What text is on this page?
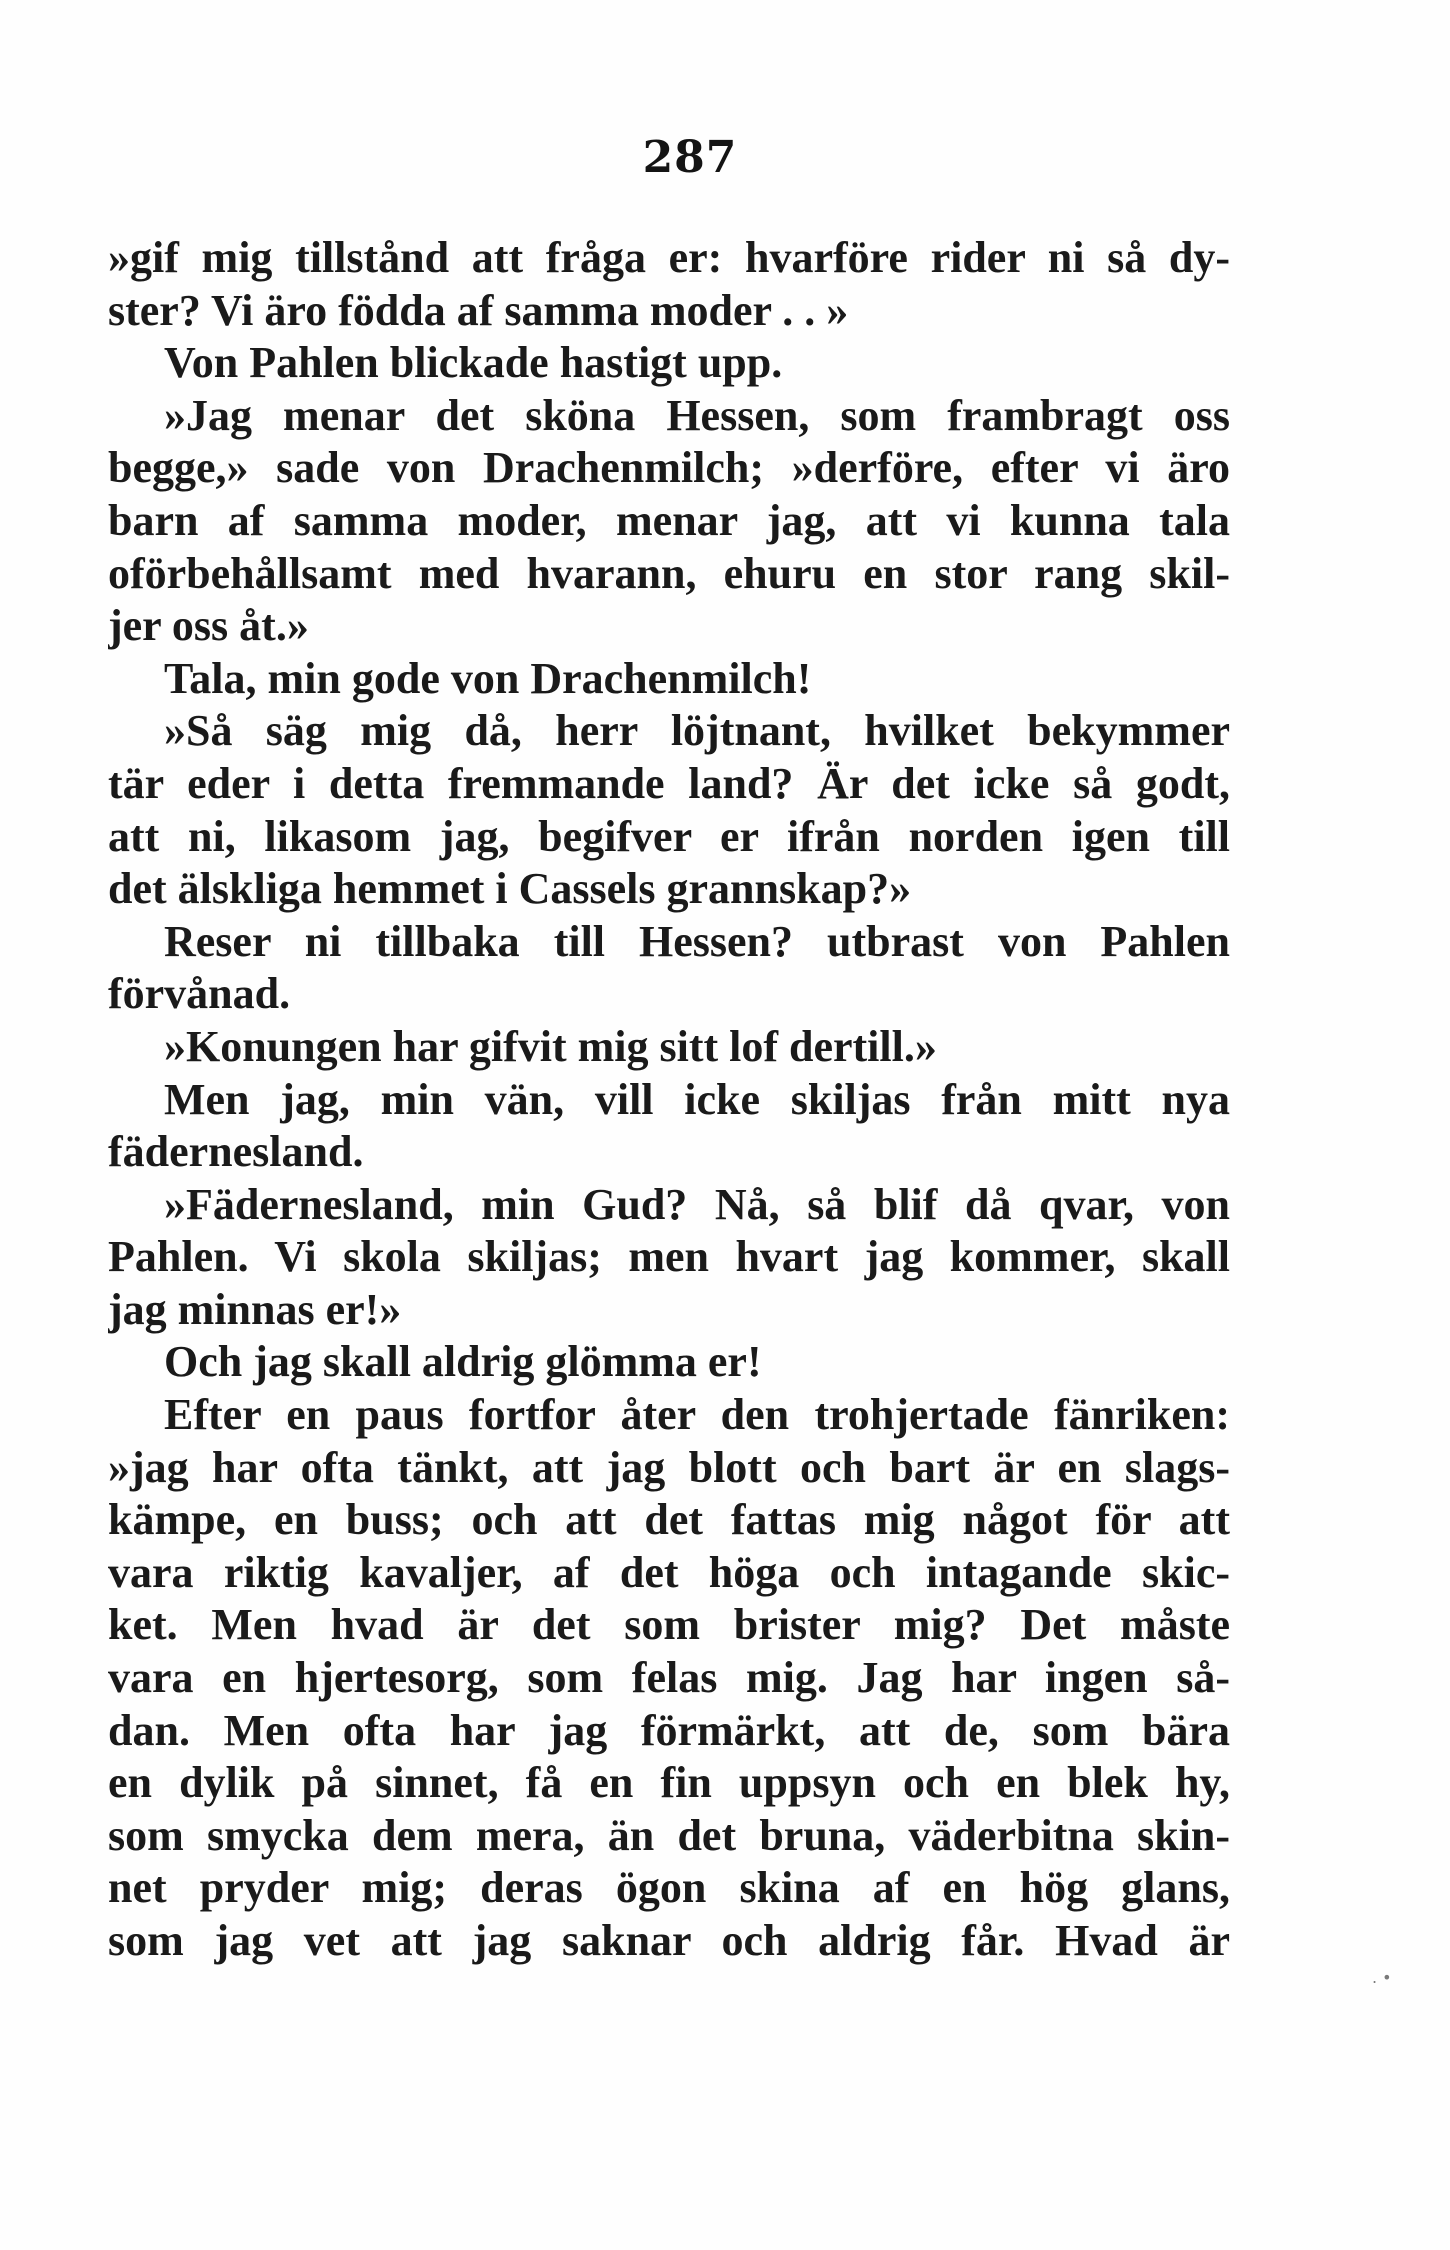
287
»gif mig tillstånd att fråga er: hvarföre rider ni så dy-
ster? Vi äro födda af samma moder . . »
Von Pahlen blickade hastigt upp.
»Jag menar det sköna Hessen, som frambragt oss
begge,» sade von Drachenmilch; »derföre, efter vi äro
barn af samma moder, menar jag, att vi kunna tala
oförbehållsamt med hvarann, ehuru en stor rang skil-
jer oss åt.»
Tala, min gode von Drachenmilch!
»Så säg mig då, herr löjtnant, hvilket bekymmer
tär eder i detta fremmande land? Är det icke så godt,
att ni, likasom jag, begifver er ifrån norden igen till
det älskliga hemmet i Cassels grannskap?»
Reser ni tillbaka till Hessen? utbrast von Pahlen
förvånad.
»Konungen har gifvit mig sitt lof dertill.»
Men jag, min vän, vill icke skiljas från mitt nya
fädernesland.
»Fädernesland, min Gud? Nå, så blif då qvar, von
Pahlen. Vi skola skiljas; men hvart jag kommer, skall
jag minnas er!»
Och jag skall aldrig glömma er!
Efter en paus fortfor åter den trohjertade fänriken:
»jag har ofta tänkt, att jag blott och bart är en slags-
kämpe, en buss; och att det fattas mig något för att
vara riktig kavaljer, af det höga och intagande skic-
ket. Men hvad är det som brister mig? Det måste
vara en hjertesorg, som felas mig. Jag har ingen så-
dan. Men ofta har jag förmärkt, att de, som bära
en dylik på sinnet, få en fin uppsyn och en blek hy,
som smycka dem mera, än det bruna, väderbitna skin-
net pryder mig; deras ögon skina af en hög glans,
som jag vet att jag saknar och aldrig får. Hvad är
. •
